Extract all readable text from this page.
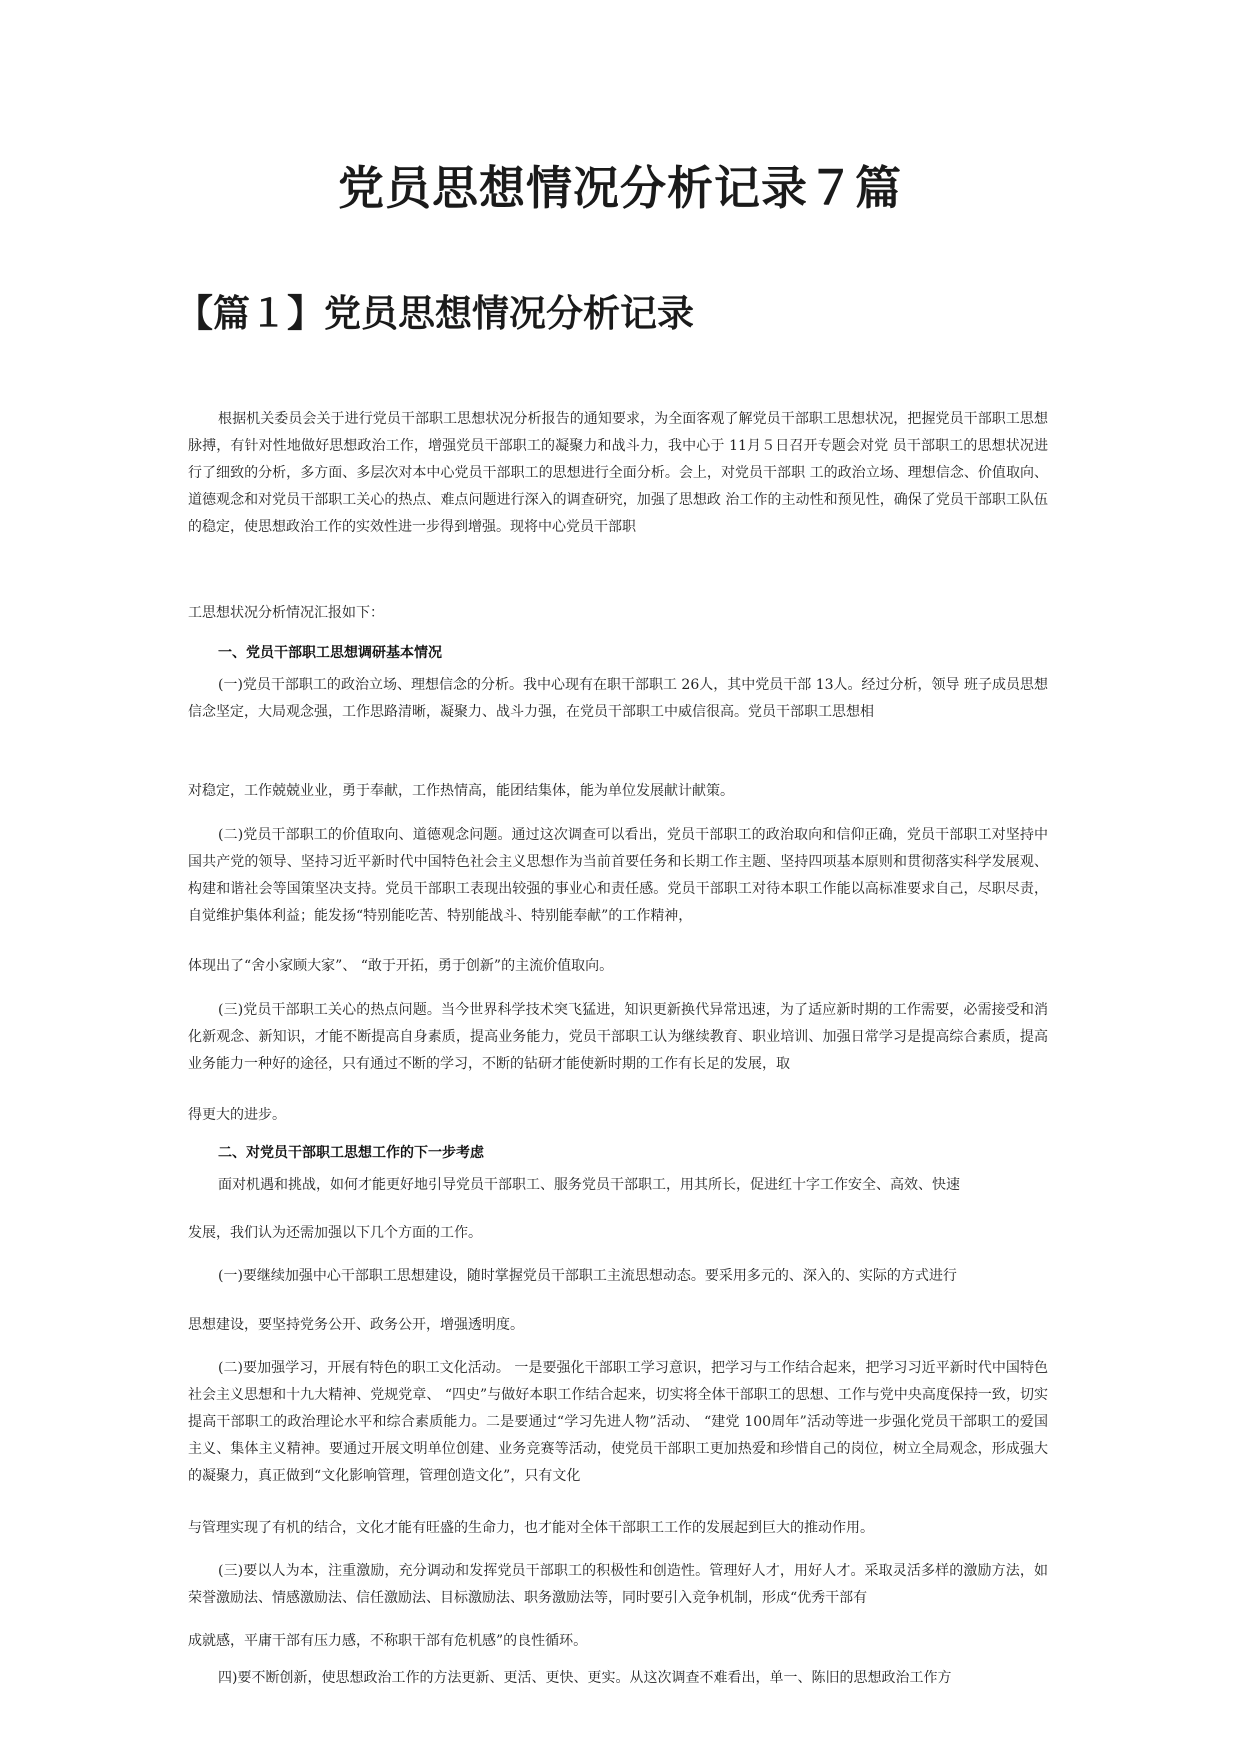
党员思想情况分析记录７篇
【篇１】党员思想情况分析记录

根据机关委员会关于进行党员干部职工思想状况分析报告的通知要求，为全面客观了解党员干部职工思想状况，把握党员干部职工思想脉搏，有针对性地做好思想政治工作，增强党员干部职工的凝聚力和战斗力，我中心于 11月５日召开专题会对党 员干部职工的思想状况进行了细致的分析，多方面、多层次对本中心党员干部职工的思想进行全面分析。会上，对党员干部职 工的政治立场、理想信念、价值取向、道德观念和对党员干部职工关心的热点、难点问题进行深入的调查研究，加强了思想政 治工作的主动性和预见性，确保了党员干部职工队伍的稳定，使思想政治工作的实效性进一步得到增强。现将中心党员干部职

工思想状况分析情况汇报如下：

一、党员干部职工思想调研基本情况

(一)党员干部职工的政治立场、理想信念的分析。我中心现有在职干部职工 26人，其中党员干部 13人。经过分析，领导 班子成员思想信念坚定，大局观念强，工作思路清晰，凝聚力、战斗力强，在党员干部职工中威信很高。党员干部职工思想相

对稳定，工作兢兢业业，勇于奉献，工作热情高，能团结集体，能为单位发展献计献策。

(二)党员干部职工的价值取向、道德观念问题。通过这次调查可以看出，党员干部职工的政治取向和信仰正确，党员干部职工对坚持中国共产党的领导、坚持习近平新时代中国特色社会主义思想作为当前首要任务和长期工作主题、坚持四项基本原则和贯彻落实科学发展观、构建和谐社会等国策坚决支持。党员干部职工表现出较强的事业心和责任感。党员干部职工对待本职工作能以高标准要求自己，尽职尽责，自觉维护集体利益；能发扬“特别能吃苦、特别能战斗、特别能奉献”的工作精神，

体现出了“舍小家顾大家”、 “敢于开拓，勇于创新”的主流价值取向。

(三)党员干部职工关心的热点问题。当今世界科学技术突飞猛进，知识更新换代异常迅速，为了适应新时期的工作需要，必需接受和消化新观念、新知识，才能不断提高自身素质，提高业务能力，党员干部职工认为继续教育、职业培训、加强日常学习是提高综合素质，提高业务能力一种好的途径，只有通过不断的学习，不断的钻研才能使新时期的工作有长足的发展，取

得更大的进步。

二、对党员干部职工思想工作的下一步考虑

面对机遇和挑战，如何才能更好地引导党员干部职工、服务党员干部职工，用其所长，促进红十字工作安全、高效、快速

发展，我们认为还需加强以下几个方面的工作。

(一)要继续加强中心干部职工思想建设，随时掌握党员干部职工主流思想动态。要采用多元的、深入的、实际的方式进行

思想建设，要坚持党务公开、政务公开，增强透明度。

(二)要加强学习，开展有特色的职工文化活动。 一是要强化干部职工学习意识，把学习与工作结合起来，把学习习近平新时代中国特色社会主义思想和十九大精神、党规党章、 “四史”与做好本职工作结合起来，切实将全体干部职工的思想、工作与党中央高度保持一致，切实提高干部职工的政治理论水平和综合素质能力。二是要通过“学习先进人物”活动、 “建党 100周年”活动等进一步强化党员干部职工的爱国主义、集体主义精神。要通过开展文明单位创建、业务竞赛等活动，使党员干部职工更加热爱和珍惜自己的岗位，树立全局观念，形成强大的凝聚力，真正做到“文化影响管理，管理创造文化”，只有文化

与管理实现了有机的结合，文化才能有旺盛的生命力，也才能对全体干部职工工作的发展起到巨大的推动作用。

(三)要以人为本，注重激励，充分调动和发挥党员干部职工的积极性和创造性。管理好人才，用好人才。采取灵活多样的激励方法，如荣誉激励法、情感激励法、信任激励法、目标激励法、职务激励法等，同时要引入竞争机制，形成“优秀干部有

成就感，平庸干部有压力感，不称职干部有危机感”的良性循环。

四)要不断创新，使思想政治工作的方法更新、更活、更快、更实。从这次调查不难看出，单一、陈旧的思想政治工作方
